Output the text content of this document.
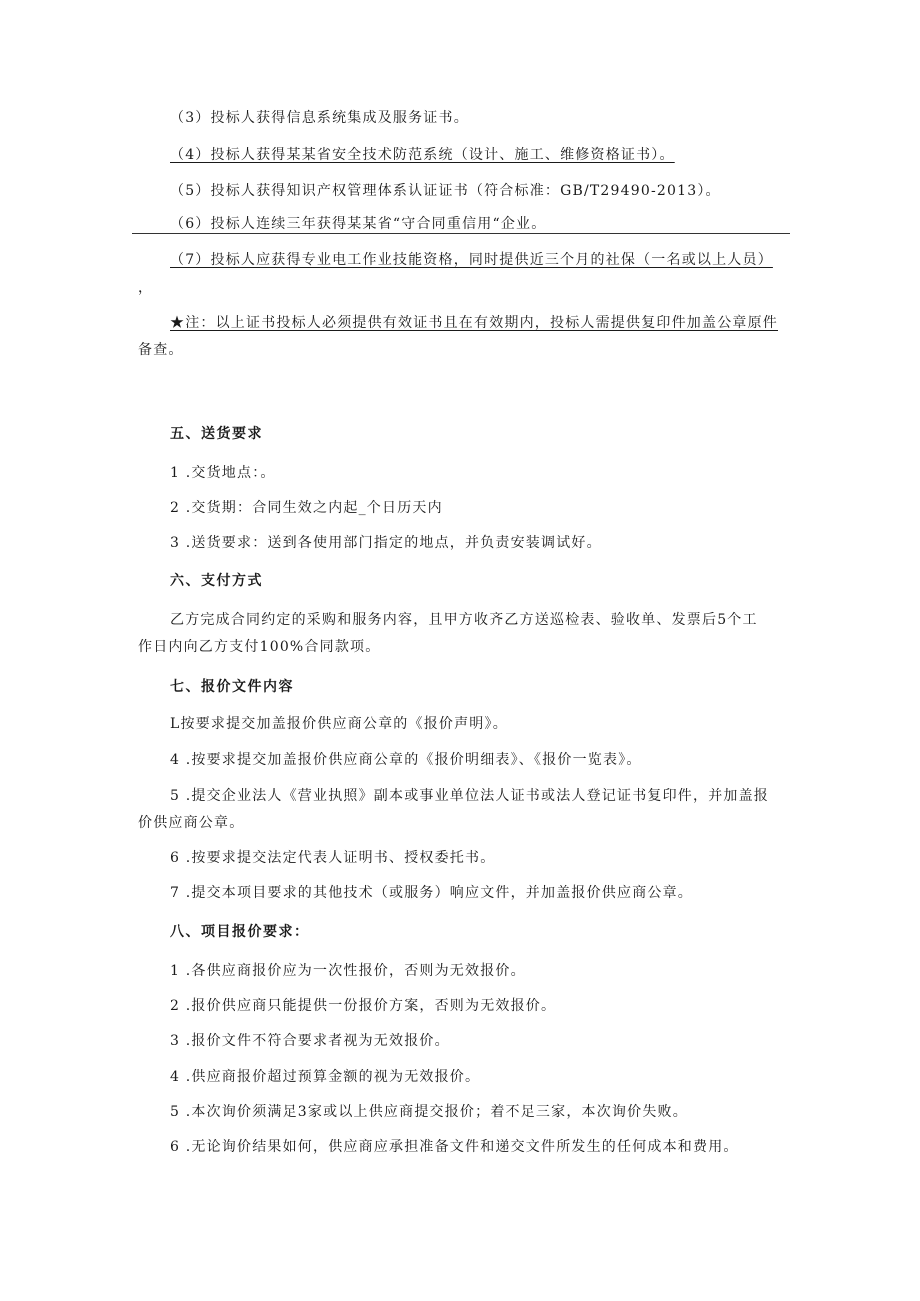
（3）投标人获得信息系统集成及服务证书。
（4）投标人获得某某省安全技术防范系统（设计、施工、维修资格证书）。
（5）投标人获得知识产权管理体系认证证书（符合标准：GB/T29490-2013）。
（6）投标人连续三年获得某某省“守合同重信用“企业。
（7）投标人应获得专业电工作业技能资格，同时提供近三个月的社保（一名或以上人员）
，
★注：以上证书投标人必须提供有效证书且在有效期内，投标人需提供复印件加盖公章原件
备查。
五、送货要求
1 .交货地点：。
2 .交货期：合同生效之内起_个日历天内
3 .送货要求：送到各使用部门指定的地点，并负责安装调试好。
六、支付方式
乙方完成合同约定的采购和服务内容，且甲方收齐乙方送巡检表、验收单、发票后5个工
作日内向乙方支付100%合同款项。
七、报价文件内容
L按要求提交加盖报价供应商公章的《报价声明》。
4 .按要求提交加盖报价供应商公章的《报价明细表》、《报价一览表》。
5 .提交企业法人《营业执照》副本或事业单位法人证书或法人登记证书复印件，并加盖报
价供应商公章。
6 .按要求提交法定代表人证明书、授权委托书。
7 .提交本项目要求的其他技术（或服务）响应文件，并加盖报价供应商公章。
八、项目报价要求：
1 .各供应商报价应为一次性报价，否则为无效报价。
2 .报价供应商只能提供一份报价方案，否则为无效报价。
3 .报价文件不符合要求者视为无效报价。
4 .供应商报价超过预算金额的视为无效报价。
5 .本次询价须满足3家或以上供应商提交报价；着不足三家，本次询价失败。
6 .无论询价结果如何，供应商应承担准备文件和递交文件所发生的任何成本和费用。
